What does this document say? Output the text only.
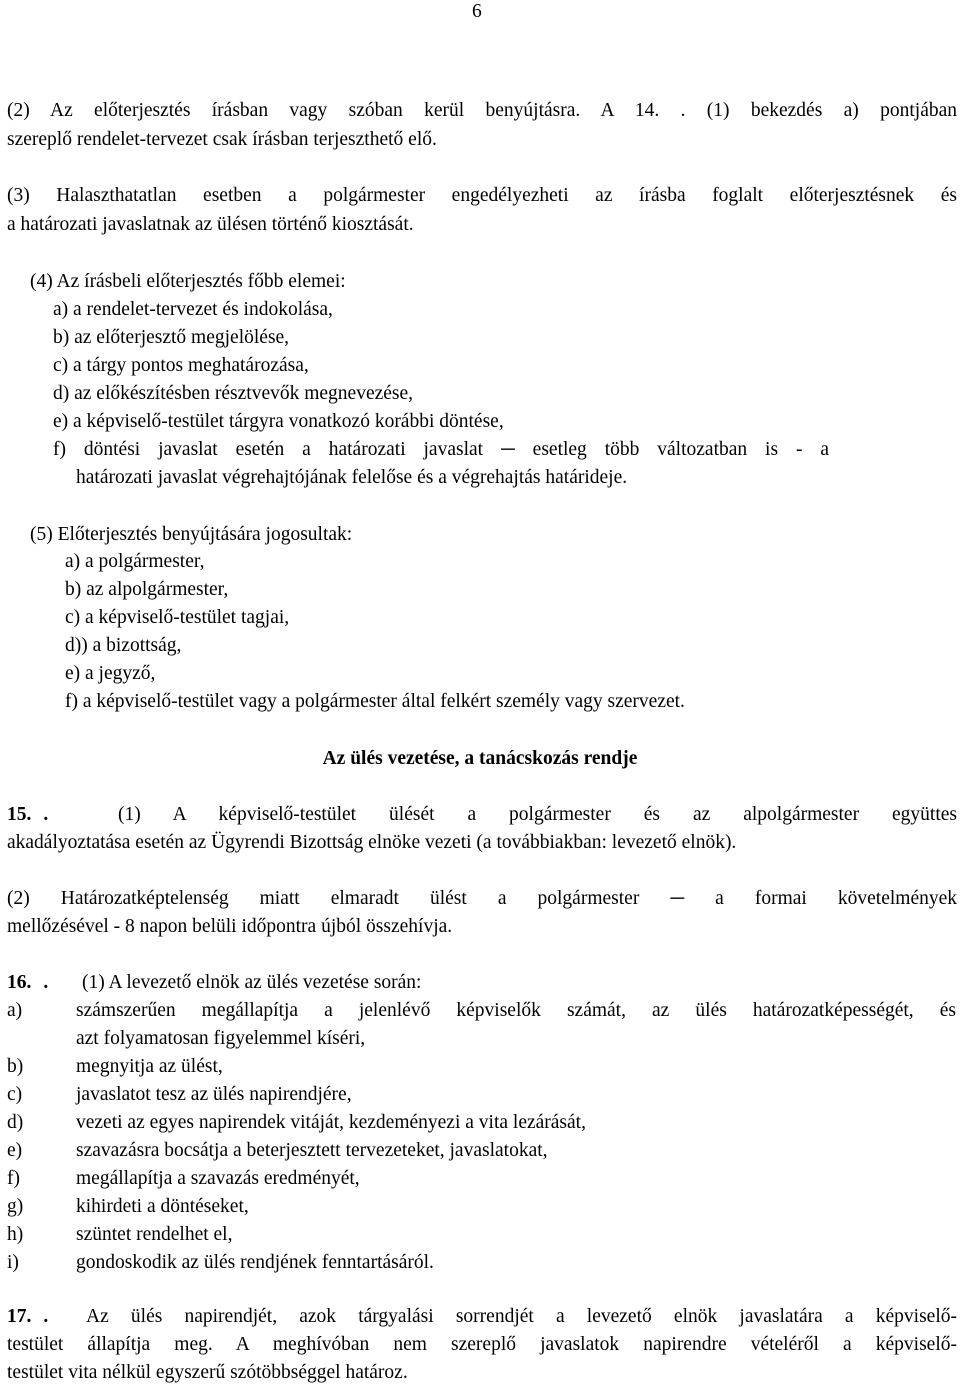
6
(2) Az előterjesztés írásban vagy szóban kerül benyújtásra. A 14. . (1) bekezdés a) pontjában
szereplő rendelet-tervezet csak írásban terjeszthető elő.
(3) Halaszthatatlan esetben a polgármester engedélyezheti az írásba foglalt előterjesztésnek és
a határozati javaslatnak az ülésen történő kiosztását.
(4) Az írásbeli előterjesztés főbb elemei:
a) a rendelet-tervezet és indokolása,
b) az előterjesztő megjelölése,
c) a tárgy pontos meghatározása,
d) az előkészítésben résztvevők megnevezése,
e) a képviselő-testület tárgyra vonatkozó korábbi döntése,
f) döntési javaslat esetén a határozati javaslat ─ esetleg több változatban is - a
határozati javaslat végrehajtójának felelőse és a végrehajtás határideje.
(5) Előterjesztés benyújtására jogosultak:
a) a polgármester,
b) az alpolgármester,
c) a képviselő-testület tagjai,
d)) a bizottság,
e) a jegyző,
f) a képviselő-testület vagy a polgármester által felkért személy vagy szervezet.
Az ülés vezetése, a tanácskozás rendje
15. .	(1) A képviselő-testület ülését a polgármester és az alpolgármester együttes
akadályoztatása esetén az Ügyrendi Bizottság elnöke vezeti (a továbbiakban: levezető elnök).
(2) Határozatképtelenség miatt elmaradt ülést a polgármester ─ a formai követelmények
mellőzésével - 8 napon belüli időpontra újból összehívja.
16. . (1) A levezető elnök az ülés vezetése során:
a)	számszerűen megállapítja a jelenlévő képviselők számát, az ülés határozatképességét, és
azt folyamatosan figyelemmel kíséri,
b)	megnyitja az ülést,
c)	javaslatot tesz az ülés napirendjére,
d)	vezeti az egyes napirendek vitáját, kezdeményezi a vita lezárását,
e)	szavazásra bocsátja a beterjesztett tervezeteket, javaslatokat,
f)	megállapítja a szavazás eredményét,
g)	kihirdeti a döntéseket,
h)	szüntet rendelhet el,
i)	gondoskodik az ülés rendjének fenntartásáról.
17. . Az ülés napirendjét, azok tárgyalási sorrendjét a levezető elnök javaslatára a képviselő-
testület állapítja meg. A meghívóban nem szereplő javaslatok napirendre vételéről a képviselő-
testület vita nélkül egyszerű szótöbbséggel határoz.
